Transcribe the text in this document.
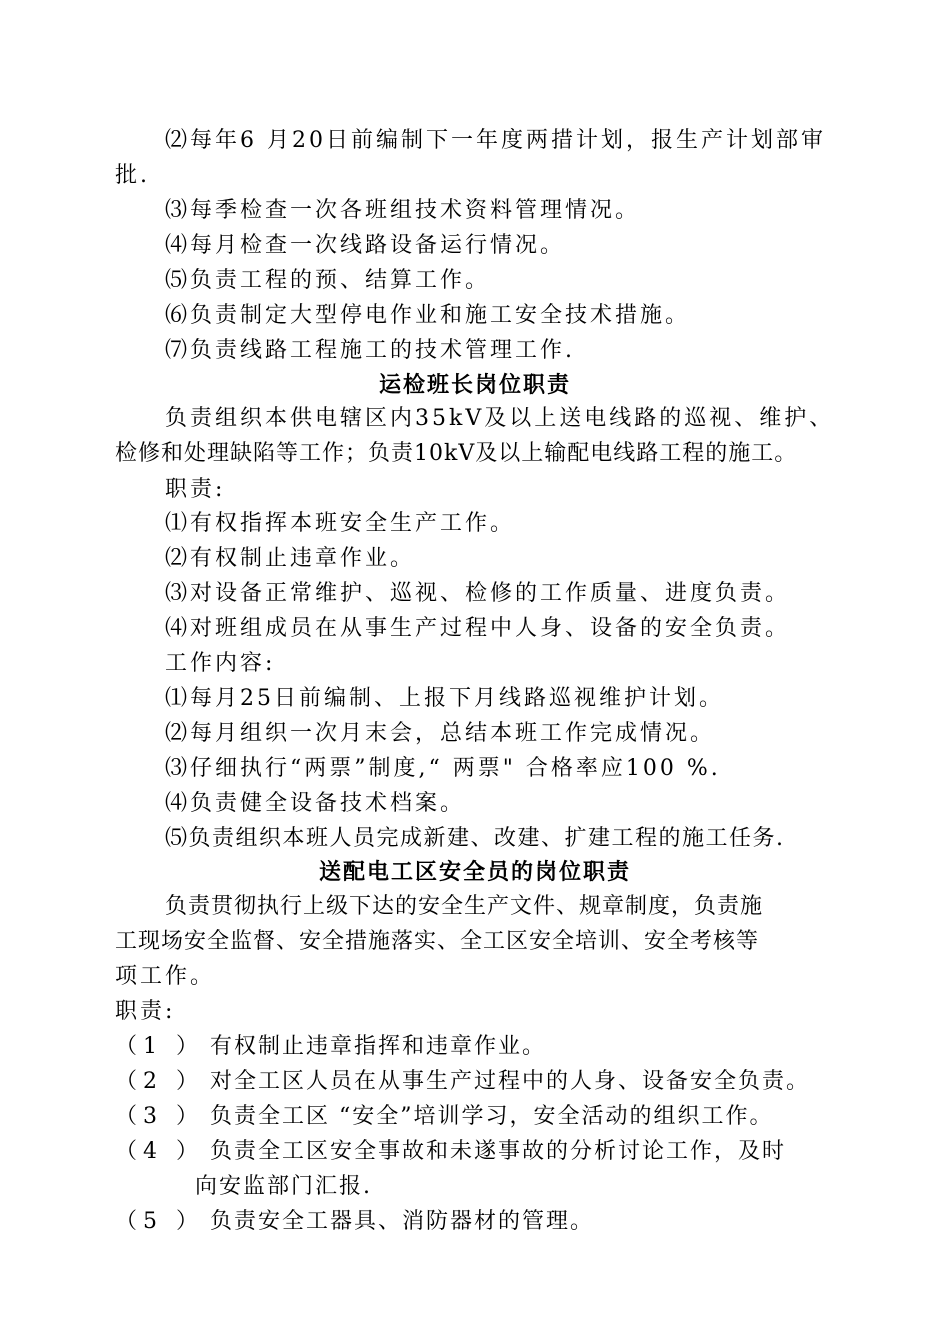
⑵每年6 月20日前编制下一年度两措计划，报生产计划部审
批.
⑶每季检查一次各班组技术资料管理情况。
⑷每月检查一次线路设备运行情况。
⑸负责工程的预、结算工作。
⑹负责制定大型停电作业和施工安全技术措施。
⑺负责线路工程施工的技术管理工作.
运检班长岗位职责
负责组织本供电辖区内35kV及以上送电线路的巡视、维护、
检修和处理缺陷等工作；负责10kV及以上输配电线路工程的施工。
职责:
⑴有权指挥本班安全生产工作。
⑵有权制止违章作业。
⑶对设备正常维护、巡视、检修的工作质量、进度负责。
⑷对班组成员在从事生产过程中人身、设备的安全负责。
工作内容:
⑴每月25日前编制、上报下月线路巡视维护计划。
⑵每月组织一次月末会，总结本班工作完成情况。
⑶仔细执行“两票”制度,“ 两票" 合格率应100 %.
⑷负责健全设备技术档案。
⑸负责组织本班人员完成新建、改建、扩建工程的施工任务.
送配电工区安全员的岗位职责
负责贯彻执行上级下达的安全生产文件、规章制度，负责施
工现场安全监督、安全措施落实、全工区安全培训、安全考核等
项工作。
职责:
（1 ） 有权制止违章指挥和违章作业。
（2 ） 对全工区人员在从事生产过程中的人身、设备安全负责。
（3 ） 负责全工区 “安全”培训学习，安全活动的组织工作。
（4 ） 负责全工区安全事故和未遂事故的分析讨论工作，及时
向安监部门汇报.
（5 ） 负责安全工器具、消防器材的管理。
